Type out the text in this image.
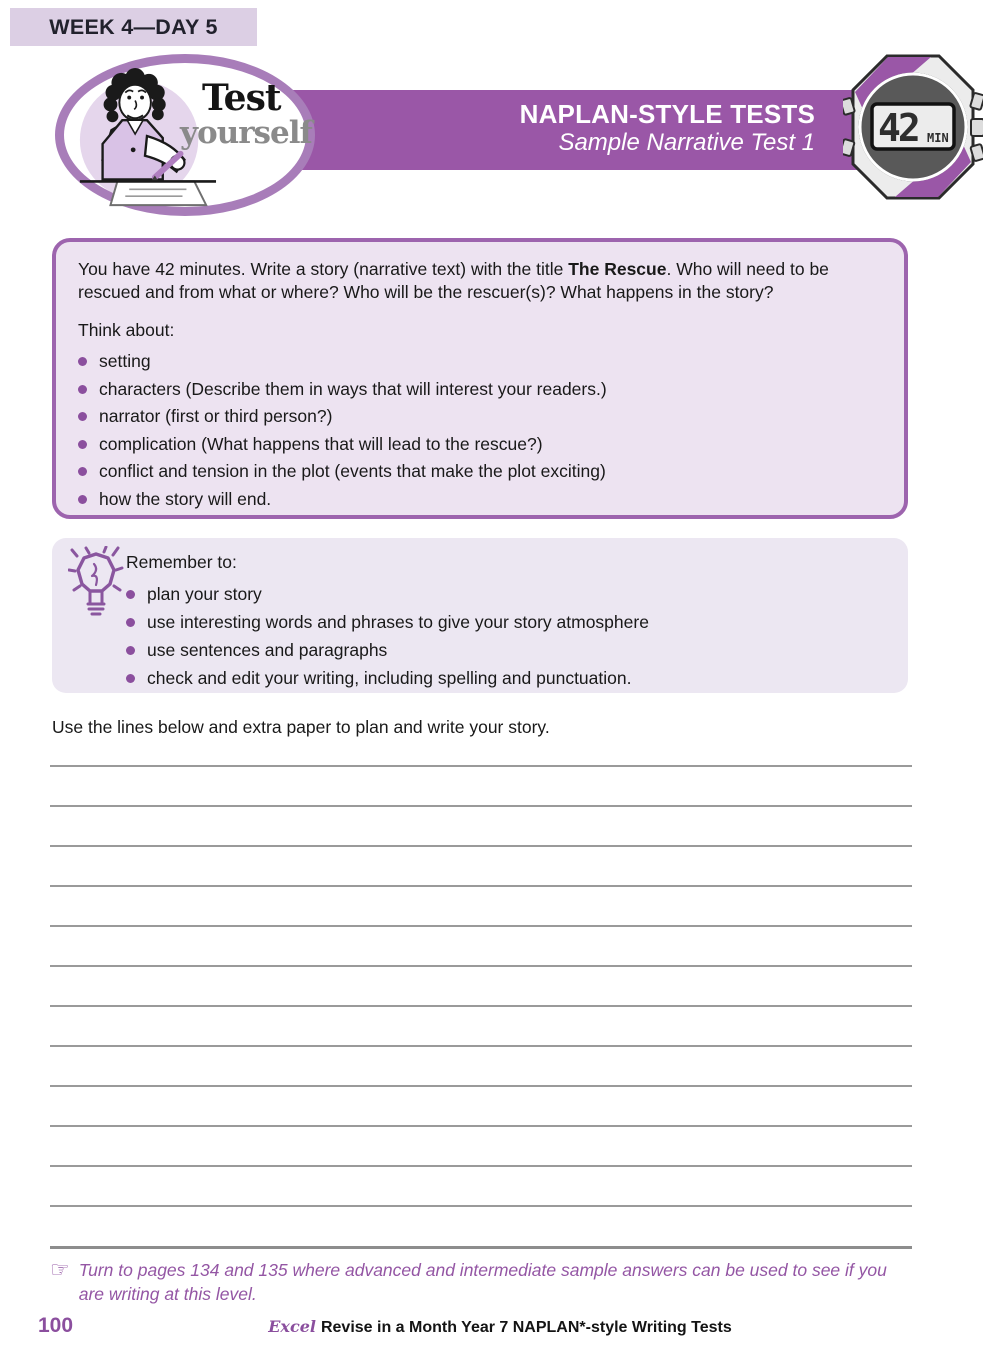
WEEK 4—DAY 5
NAPLAN-STYLE TESTS
Sample Narrative Test 1
Test
yourself	42 MIN
You have 42 minutes. Write a story (narrative text) with the title The Rescue. Who will need to be rescued and from what or where? Who will be the rescuer(s)? What happens in the story?
Think about:
setting
characters (Describe them in ways that will interest your readers.)
narrator (first or third person?)
complication (What happens that will lead to the rescue?)
conflict and tension in the plot (events that make the plot exciting)
how the story will end.
Remember to:
plan your story
use interesting words and phrases to give your story atmosphere
use sentences and paragraphs
check and edit your writing, including spelling and punctuation.
Use the lines below and extra paper to plan and write your story.
☞ Turn to pages 134 and 135 where advanced and intermediate sample answers can be used to see if you are writing at this level.
100	Excel Revise in a Month Year 7 NAPLAN*-style Writing Tests
